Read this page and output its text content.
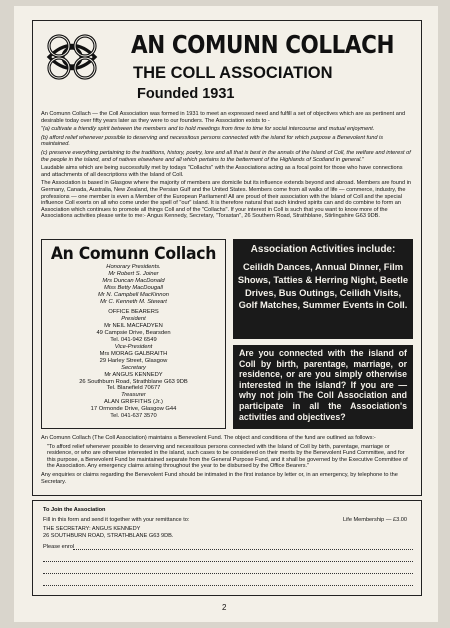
AN COMUNN COLLACH
THE COLL ASSOCIATION
Founded 1931

An Comunn Collach — the Coll Association was formed in 1931 to meet an expressed need and fulfill a set of objectives which are as pertinent and desirable today over fifty years later as they were to our founders. The Association exists to -

"(a) cultivate a friendly spirit between the members and to hold meetings from time to time for social intercourse and mutual enjoyment.

(b) afford relief whenever possible to deserving and necessitous persons connected with the island for which purpose a Benevolent fund is maintained.

(c) preserve everything pertaining to the traditions, history, poetry, lore and all that is best in the annals of the Island of Coll, the welfare and interest of the people in the island, and of natives elsewhere and all which pertains to the betterment of the Highlands of Scotland in general."

Laudable aims which are being successfully met by todays "Collachs" with the Associations acting as a focal point for those who have connections and attachments of all descriptions with the Island of Coll.

The Association is based in Glasgow where the majority of members are domicile but its influence extends beyond and abroad. Members are found in Germany, Canada, Australia, New Zealand, the Persian Gulf and the United States. Members come from all walks of life — commerce, industry, the professions — one member is even a Member of the European Parliament! All are proud of their association with the Island of Coll and the special influence Coll exerts on all who come under the spell of "our" island. It is therefore natural that such kindred spirits can and do combine to form an Association which continues to promote all things Coll and of the "Collachs". If your interest in Coll is such that you want to know more of the Associations activities please write to me:- Angus Kennedy, Secretary, "Torastan", 26 Southern Road, Strathblane, Stirlingshire G63 9DB.

An Comunn Collach
Honorary Presidents.
Mr Robert S. Joiner
Mrs Duncan MacDonald
Miss Betty MacDougall
Mr N. Campbell MacKinnon
Mr C. Kenneth M. Stewart
OFFICE BEARERS
President
Mr NEIL MACFADYEN
49 Campsie Drive, Bearsden
Tel. 041-942 6549
Vice-President
Mrs MORAG GALBRAITH
29 Harley Street, Glasgow
Secretary
Mr ANGUS KENNEDY
26 Southburn Road, Strathblane G63 9DB
Tel. Blanefield 70677
Treasurer
ALAN GRIFFITHS (Jr.)
17 Ormonde Drive, Glasgow G44
Tel. 041-637 3570
Association Activities include:
Ceilidh Dances, Annual Dinner, Film Shows, Tatties & Herring Night, Beetle Drives, Bus Outings, Ceilidh Visits, Golf Matches, Summer Events in Coll.
Are you connected with the island of Coll by birth, parentage, marriage, or residence, or are you simply otherwise interested in the island? If you are — why not join The Coll Association and participate in all the Association's activities and objectives?

An Comunn Collach (The Coll Association) maintains a Benevolent Fund. The object and conditions of the fund are outlined as follows:-

"To afford relief whenever possible to deserving and necessitous persons connected with the Island of Coll by birth, parentage, marriage or residence, or who are otherwise interested in the island, such cases to be considered on their merits by the Benevolent Fund Committee, and for this purpose, a Benevolent Fund be maintained separate from the General Purpose Fund, and it shall be governed by the Executive Committee of the Association. Any emergency claims arising throughout the year to be disbursed by the Office Bearers."

Any enquiries or claims regarding the Benevolent Fund should be intimated in the first instance by letter or, in an emergency, by telephone to the Secretary.

To Join the Association
Fill in this form and send it together with your remittance to:	Life Membership — £3.00
THE SECRETARY: ANGUS KENNEDY
26 SOUTHBURN ROAD, STRATHBLANE G63 9DB.
Please enrol
2
